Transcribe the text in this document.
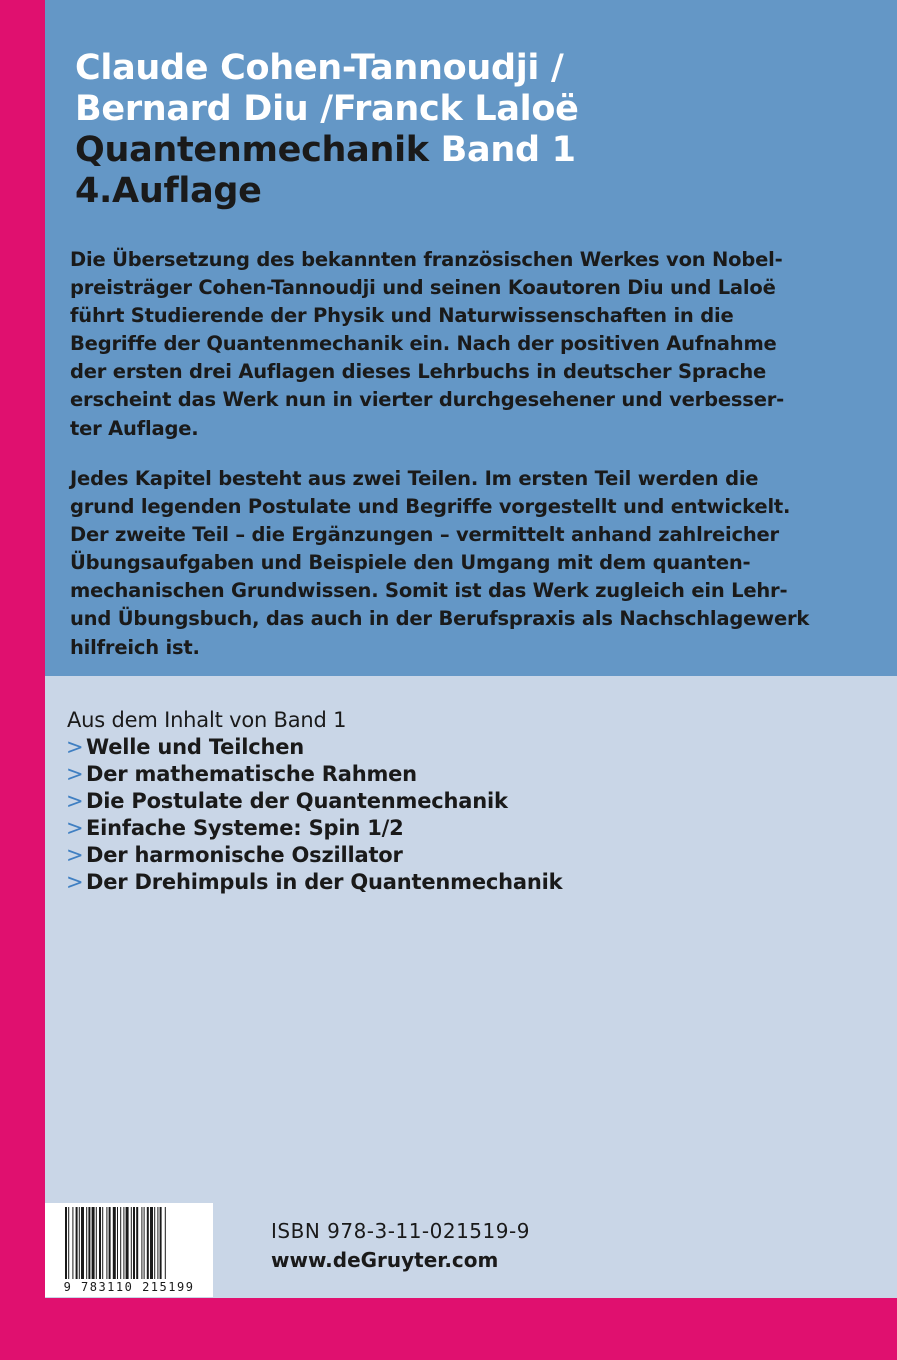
Claude Cohen-Tannoudji /
Bernard Diu /Franck Laloë
Quantenmechanik Band 1
4.Auflage
Die Übersetzung des bekannten französischen Werkes von Nobel-
preisträger Cohen-Tannoudji und seinen Koautoren Diu und Laloë
führt Studierende der Physik und Naturwissenschaften in die
Begriffe der Quantenmechanik ein. Nach der positiven Aufnahme
der ersten drei Auflagen dieses Lehrbuchs in deutscher Sprache
erscheint das Werk nun in vierter durchgesehener und verbesser-
ter Auflage.
Jedes Kapitel besteht aus zwei Teilen. Im ersten Teil werden die
grund legenden Postulate und Begriffe vorgestellt und entwickelt.
Der zweite Teil – die Ergänzungen – vermittelt anhand zahlreicher
Übungsaufgaben und Beispiele den Umgang mit dem quanten-
mechanischen Grundwissen. Somit ist das Werk zugleich ein Lehr-
und Übungsbuch, das auch in der Berufspraxis als Nachschlagewerk
hilfreich ist.
Aus dem Inhalt von Band 1
> Welle und Teilchen
> Der mathematische Rahmen
> Die Postulate der Quantenmechanik
> Einfache Systeme: Spin 1/2
> Der harmonische Oszillator
> Der Drehimpuls in der Quantenmechanik
9 783110 215199
ISBN 978-3-11-021519-9
www.deGruyter.com
